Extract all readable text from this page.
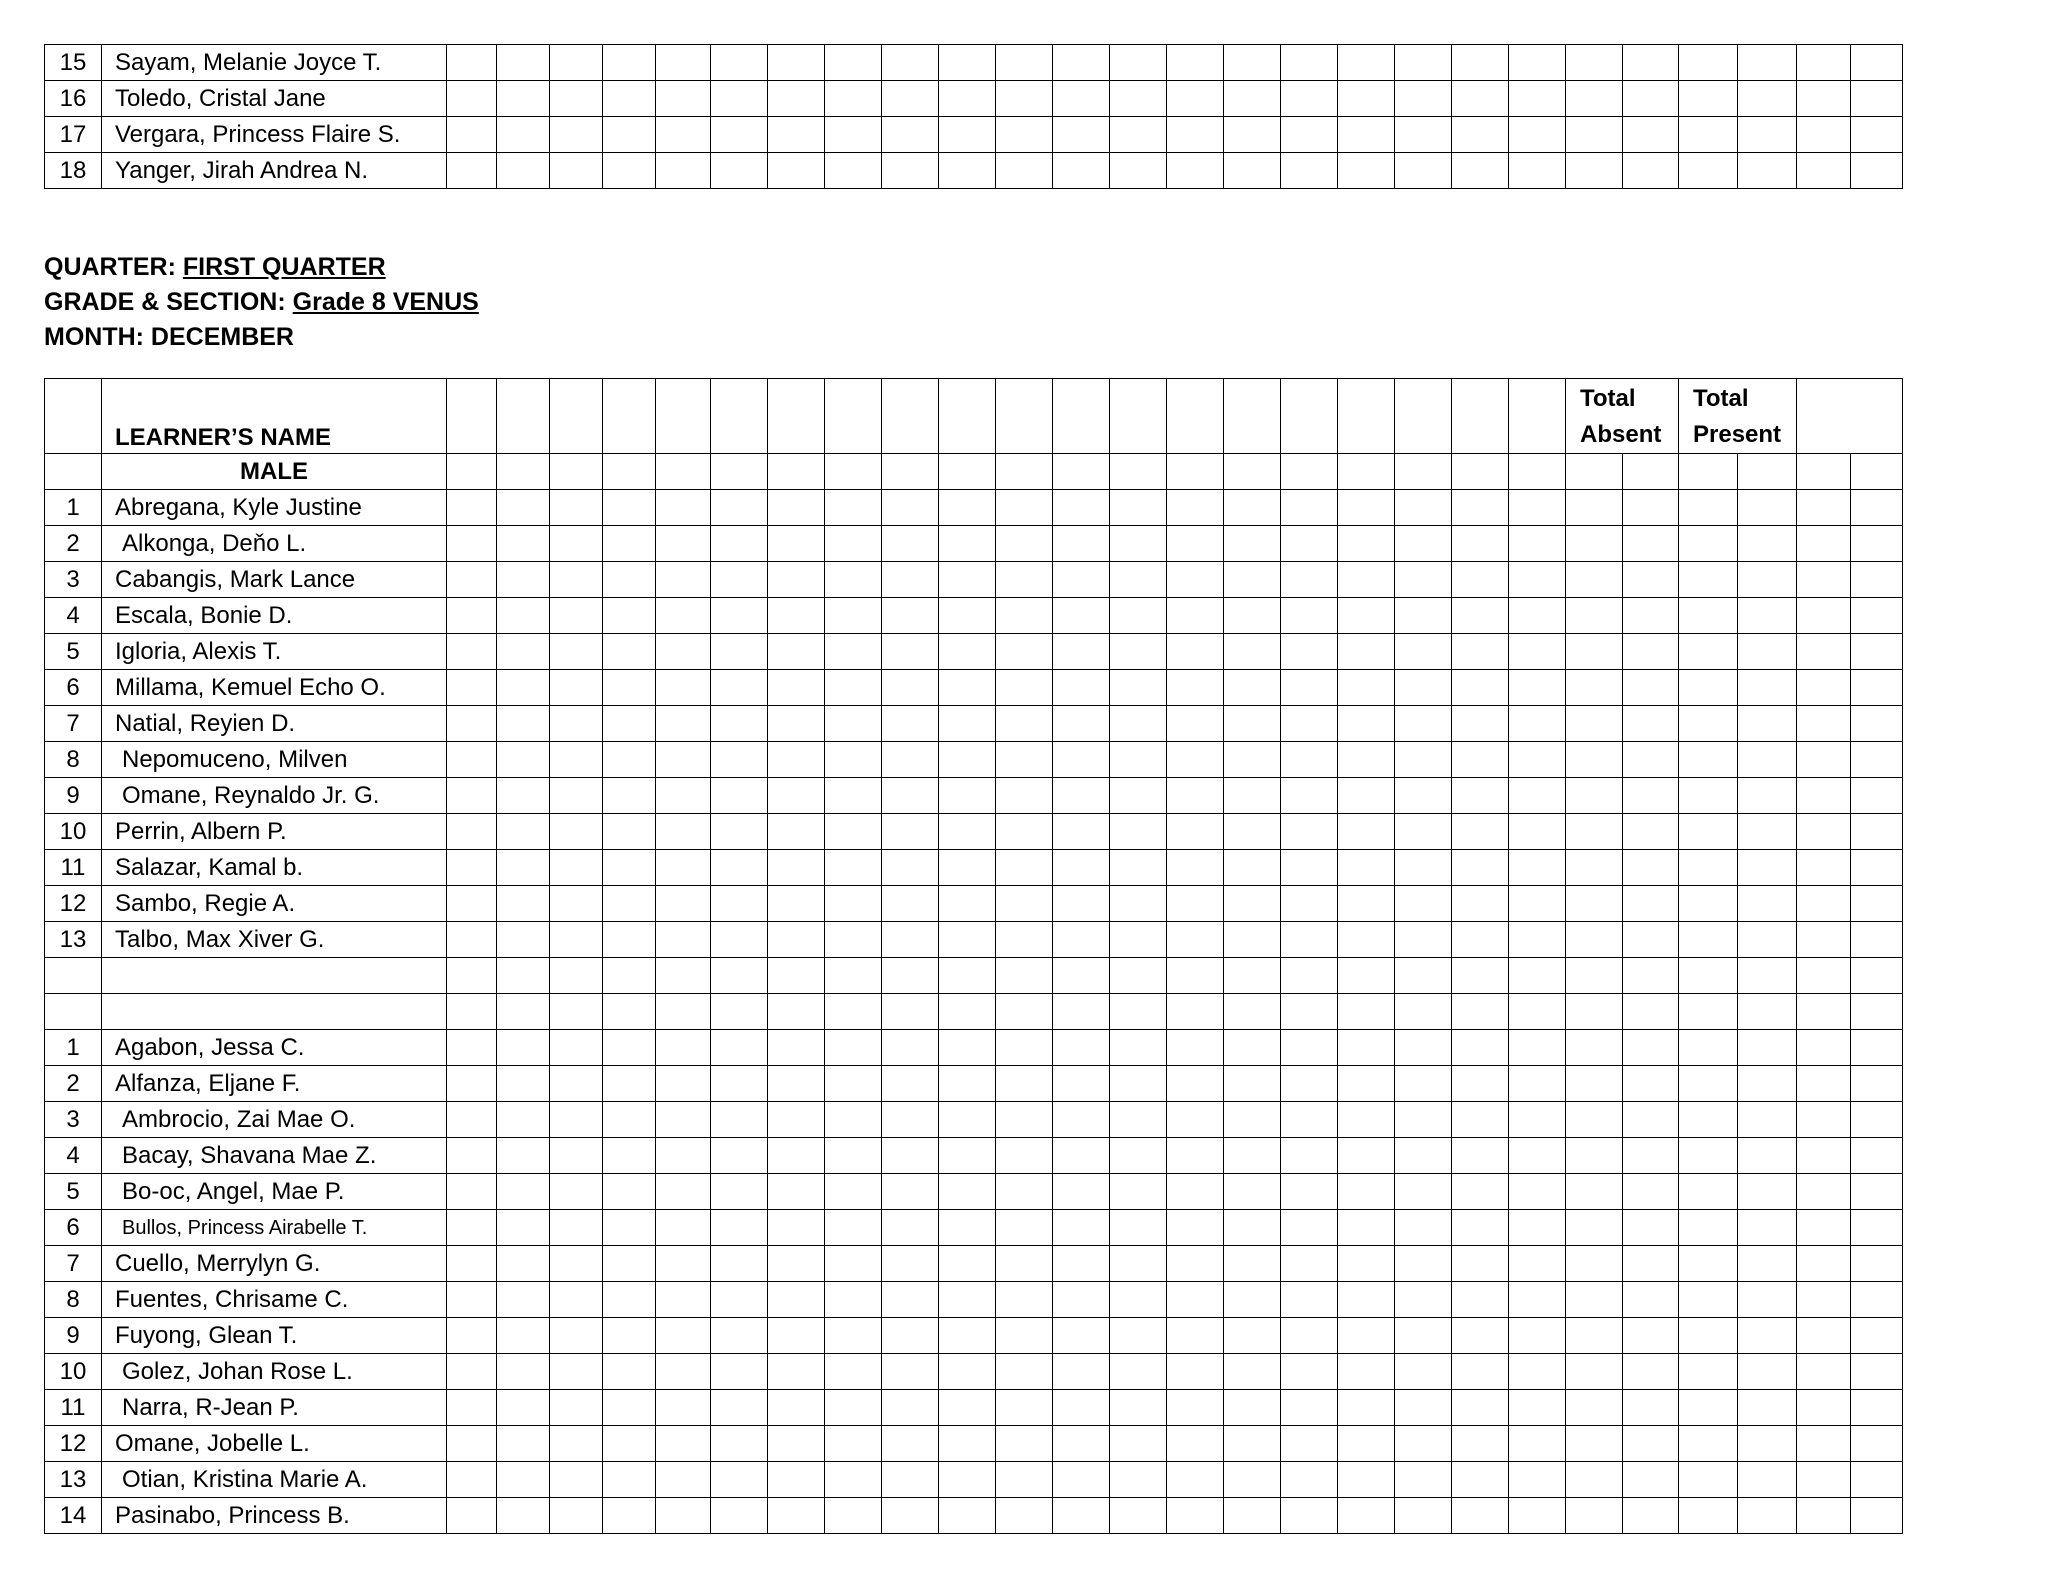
15	Sayam, Melanie Joyce T.																										
16	Toledo, Cristal Jane																										
17	Vergara, Princess Flaire S.																										
18	Yanger, Jirah Andrea N.																										
QUARTER: FIRST QUARTER
GRADE & SECTION: Grade 8 VENUS
MONTH: DECEMBER
	LEARNER’S NAME																					Total Absent		Total Present			
	MALE																										
1	Abregana, Kyle Justine																										
2	Alkonga, Deňo L.																										
3	Cabangis, Mark Lance																										
4	Escala, Bonie D.																										
5	Igloria, Alexis T.																										
6	Millama, Kemuel Echo O.																										
7	Natial, Reyien D.																										
8	Nepomuceno, Milven																										
9	Omane, Reynaldo Jr. G.																										
10	Perrin, Albern P.																										
11	Salazar, Kamal b.																										
12	Sambo, Regie A.																										
13	Talbo, Max Xiver G.																										

1	Agabon, Jessa C.																										
2	Alfanza, Eljane F.																										
3	Ambrocio, Zai Mae O.																										
4	Bacay, Shavana Mae Z.																										
5	Bo-oc, Angel, Mae P.																										
6	Bullos, Princess Airabelle T.																										
7	Cuello, Merrylyn G.																										
8	Fuentes, Chrisame C.																										
9	Fuyong, Glean T.																										
10	Golez, Johan Rose L.																										
11	Narra, R-Jean P.																										
12	Omane, Jobelle L.																										
13	Otian, Kristina Marie A.																										
14	Pasinabo, Princess B.																										
